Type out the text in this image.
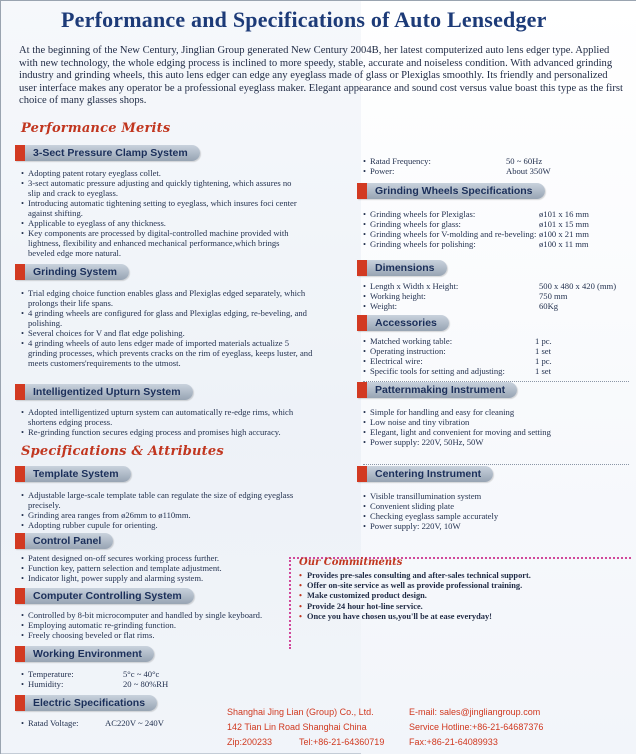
Performance and Specifications of Auto Lensedger
At the beginning of the New Century, Jinglian Group generated New Century 2004B, her latest computerized auto lens edger type. Applied with new technology, the whole edging process is inclined to more speedy, stable, accurate and noiseless condition. With advanced grinding industry and grinding wheels, this auto lens edger can edge any eyeglass made of glass or Plexiglas smoothly. Its friendly and personalized user interface makes any operator be a professional eyeglass maker. Elegant appearance and sound cost versus value boast this type as the first choice of many glasses shops.
Performance Merits
3-Sect Pressure Clamp System
• Adopting patent rotary eyeglass collet.
• 3-sect automatic pressure adjusting and quickly tightening, which assures no slip and crack to eyeglass.
• Introducing automatic tightening setting to eyeglass, which insures foci center against shifting.
• Applicable to eyeglass of any thickness.
• Key components are processed by digital-controlled machine provided with lightness, flexibility and enhanced mechanical performance,which brings beveled edge more natural.
Grinding System
• Trial edging choice function enables glass and Plexiglas edged separately, which prolongs their life spans.
• 4 grinding wheels are configured for glass and Plexiglas edging, re-beveling, and polishing.
• Several choices for V and flat edge polishing.
• 4 grinding wheels of auto lens edger made of imported materials actualize 5 grinding processes, which prevents cracks on the rim of eyeglass, keeps luster, and meets customers'requirements to the utmost.
Intelligentized Upturn System
• Adopted intelligentized upturn system can automatically re-edge rims, which shortens edging process.
• Re-grinding function secures edging process and promises high accuracy.
Specifications & Attributes
Template System
• Adjustable large-scale template table can regulate the size of edging eyeglass precisely.
• Grinding area ranges from ø26mm to ø110mm.
• Adopting rubber cupule for orienting.
Control Panel
• Patent designed on-off secures working process further.
• Function key, pattern selection and template adjustment.
• Indicator light, power supply and alarming system.
Computer Controlling System
• Controlled by 8-bit microcomputer and handled by single keyboard.
• Employing automatic re-grinding function.
• Freely choosing beveled or flat rims.
Working Environment
• Temperature:	5°c ~ 40°c
• Humidity:	20 ~ 80%RH
Electric Specifications
• Ratad Voltage:	AC220V ~ 240V
• Ratad Frequency:	50 ~ 60Hz
• Power:	About 350W
Grinding Wheels Specifications
• Grinding wheels for Plexiglas:	ø101 x 16 mm
• Grinding wheels for glass:	ø101 x 15 mm
• Grinding wheels for V-molding and re-beveling: ø100 x 21 mm
• Grinding wheels for polishing:	ø100 x 11 mm
Dimensions
• Length x Width x Height:	500 x 480 x 420 (mm)
• Working height:	750 mm
• Weight:	60Kg
Accessories
• Matched working table:	1 pc.
• Operating instruction:	1 set
• Electrical wire:	1 pc.
• Specific tools for setting and adjusting:	1 set
Patternmaking Instrument
• Simple for handling and easy for cleaning
• Low noise and tiny vibration
• Elegant, light and convenient for moving and setting
• Power supply: 220V, 50Hz, 50W
Centering Instrument
• Visible transillumination system
• Convenient sliding plate
• Checking eyeglass sample accurately
• Power supply: 220V, 10W
Our Commitments
• Provides pre-sales consulting and after-sales technical support.
• Offer on-site service as well as provide professional training.
• Make customized product design.
• Provide 24 hour hot-line service.
• Once you have chosen us,you'll be at ease everyday!
Shanghai Jing Lian (Group) Co., Ltd.
142 Tian Lin Road Shanghai China
Zip:200233	Tel:+86-21-64360719
E-mail: sales@jingliangroup.com
Service Hotline:+86-21-64687376
Fax:+86-21-64089933
